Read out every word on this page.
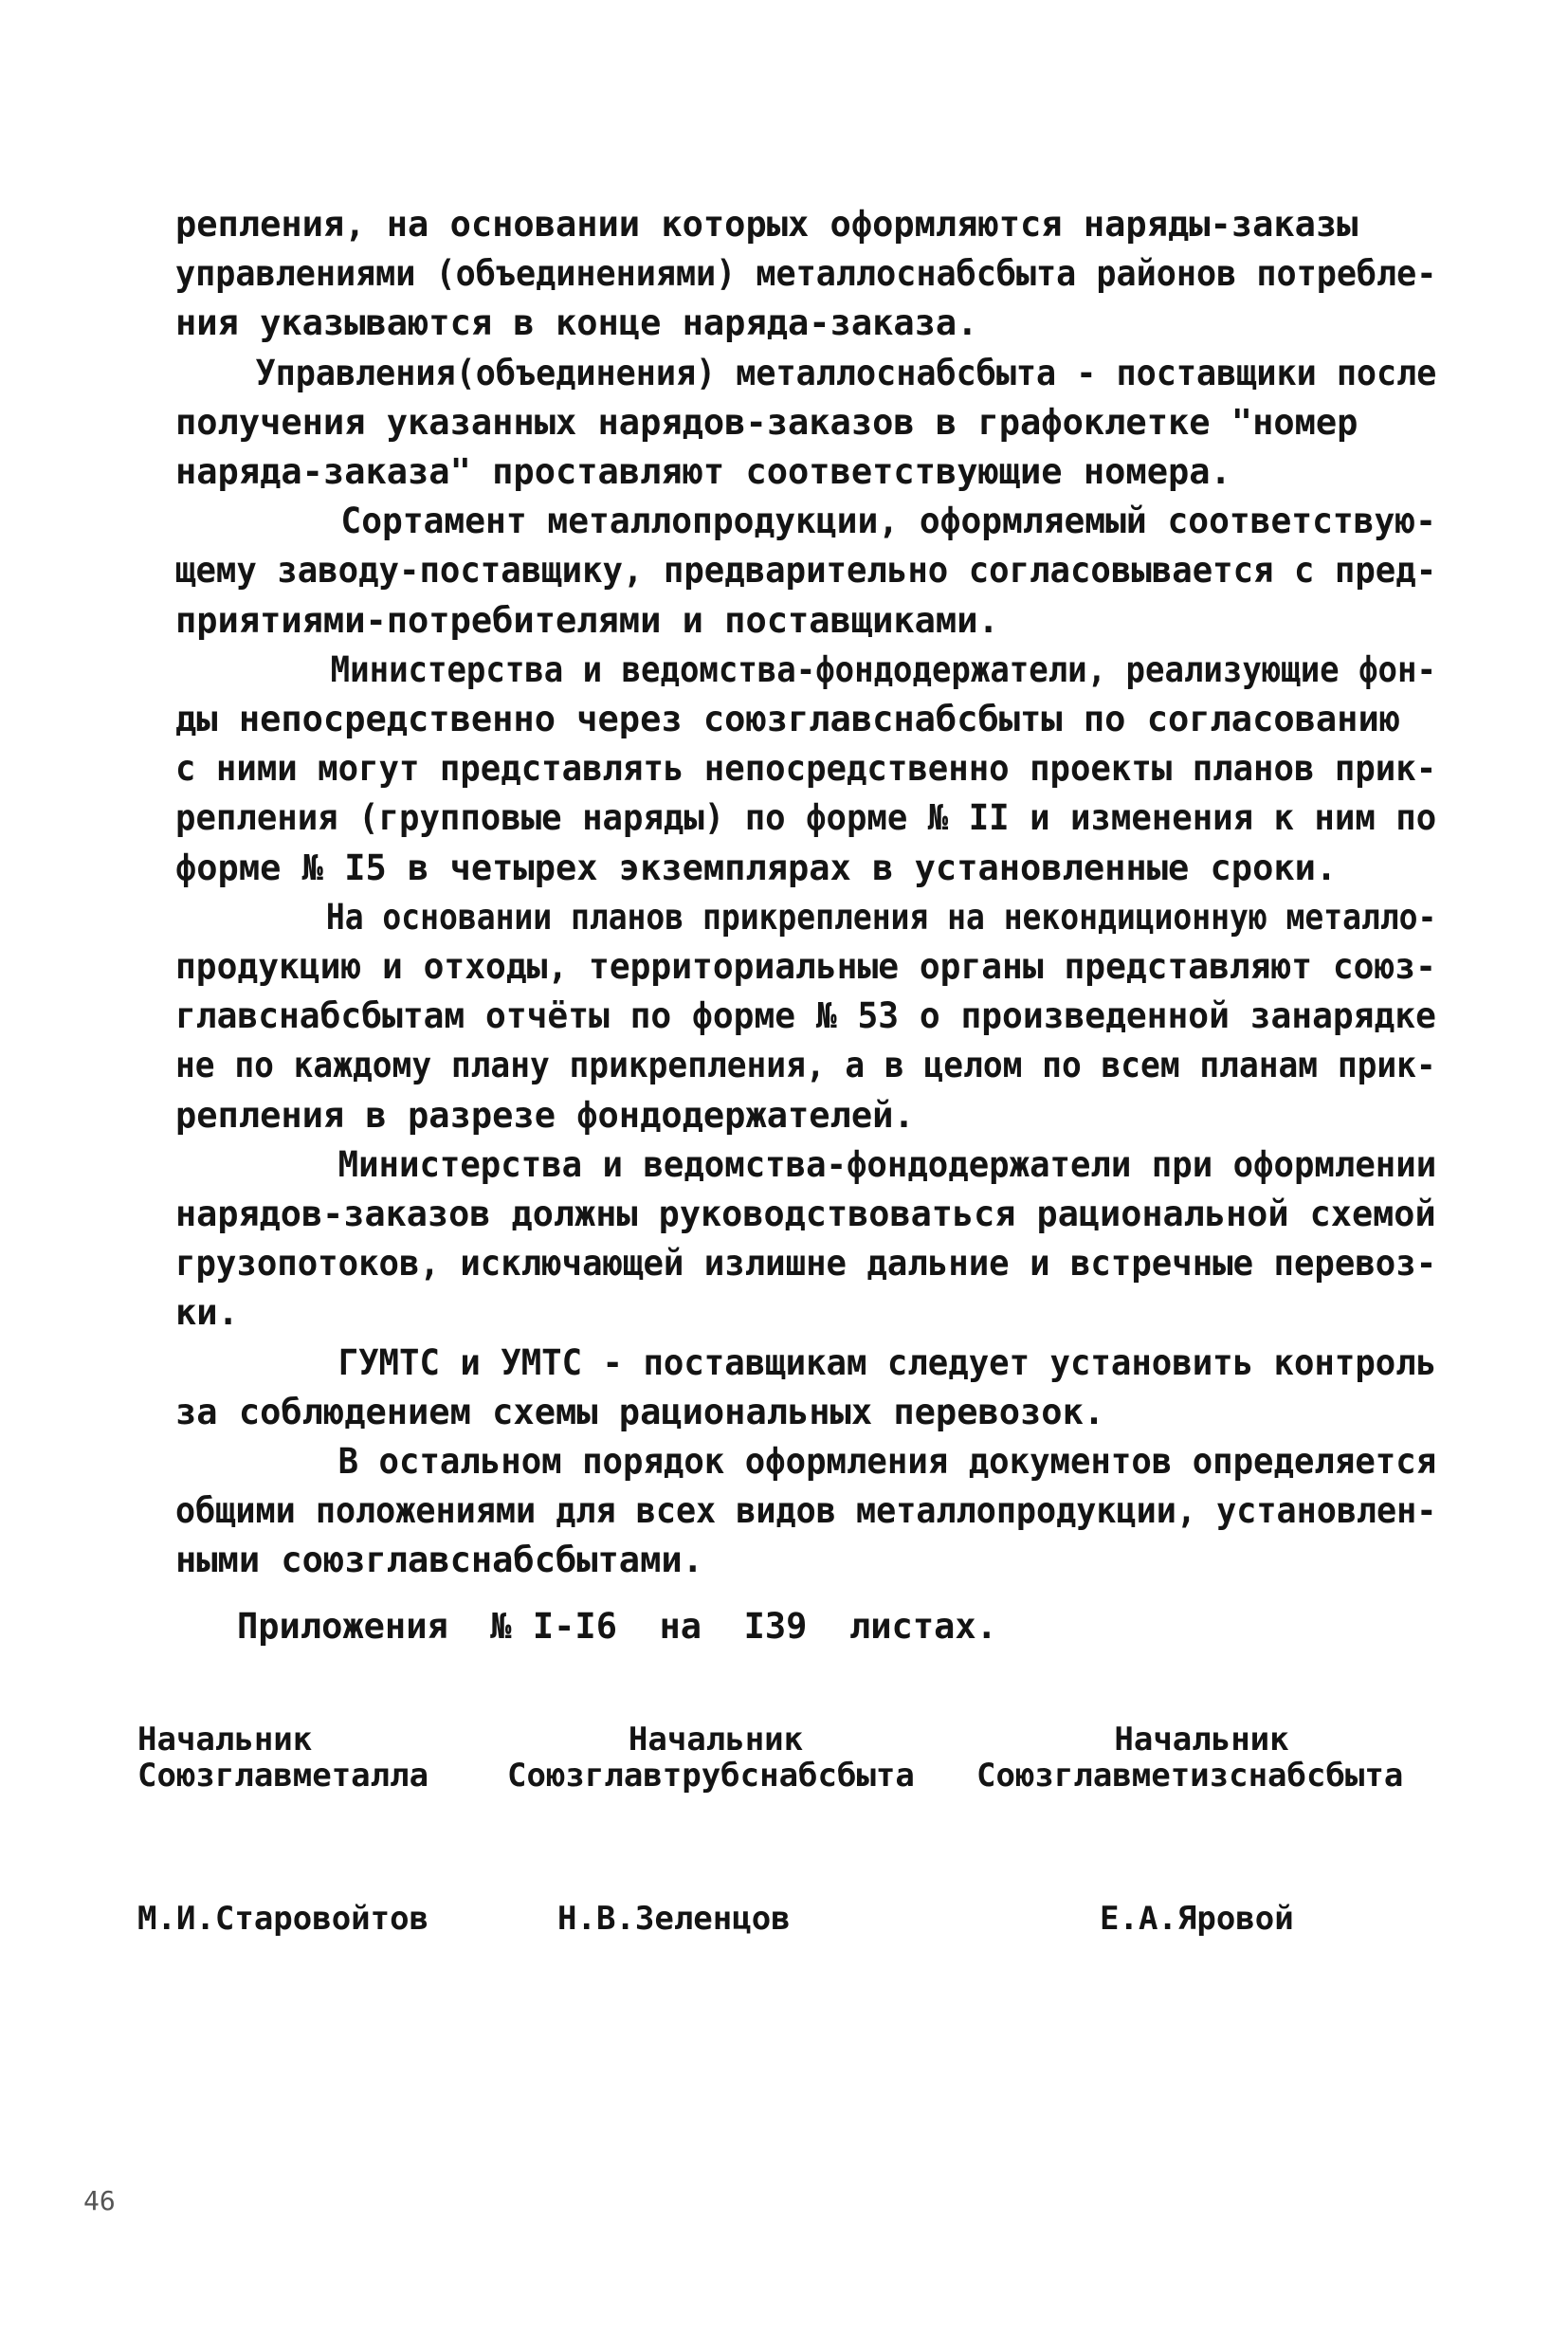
репления, на основании которых оформляются наряды-заказы
управлениями (объединениями) металлоснабсбыта районов потребле-
ния указываются в конце наряда-заказа.
Управления(объединения) металлоснабсбыта - поставщики после
получения указанных нарядов-заказов в графоклетке "номер
наряда-заказа" проставляют соответствующие номера.
Сортамент металлопродукции, оформляемый соответствую-
щему заводу-поставщику, предварительно согласовывается с пред-
приятиями-потребителями и поставщиками.
Министерства и ведомства-фондодержатели, реализующие фон-
ды непосредственно через союзглавснабсбыты по согласованию
с ними могут представлять непосредственно проекты планов прик-
репления (групповые наряды) по форме № II и изменения к ним по
форме № I5 в четырех экземплярах в установленные сроки.
На основании планов прикрепления на некондиционную металло-
продукцию и отходы, территориальные органы представляют союз-
главснабсбытам отчёты по форме № 53 о произведенной занарядке
не по каждому плану прикрепления, а в целом по всем планам прик-
репления в разрезе фондодержателей.
Министерства и ведомства-фондодержатели при оформлении
нарядов-заказов должны руководствоваться рациональной схемой
грузопотоков, исключающей излишне дальние и встречные перевоз-
ки.
ГУМТС и УМТС - поставщикам следует установить контроль
за соблюдением схемы рациональных перевозок.
В остальном порядок оформления документов определяется
общими положениями для всех видов металлопродукции, установлен-
ными союзглавснабсбытами.
Приложения  № I-I6  на  I39  листах.
Начальник
Союзглавметалла
М.И.Старовойтов
Начальник
Союзглавтрубснабсбыта
Н.В.Зеленцов
Начальник
Союзглавметизснабсбыта
Е.А.Яровой
46
